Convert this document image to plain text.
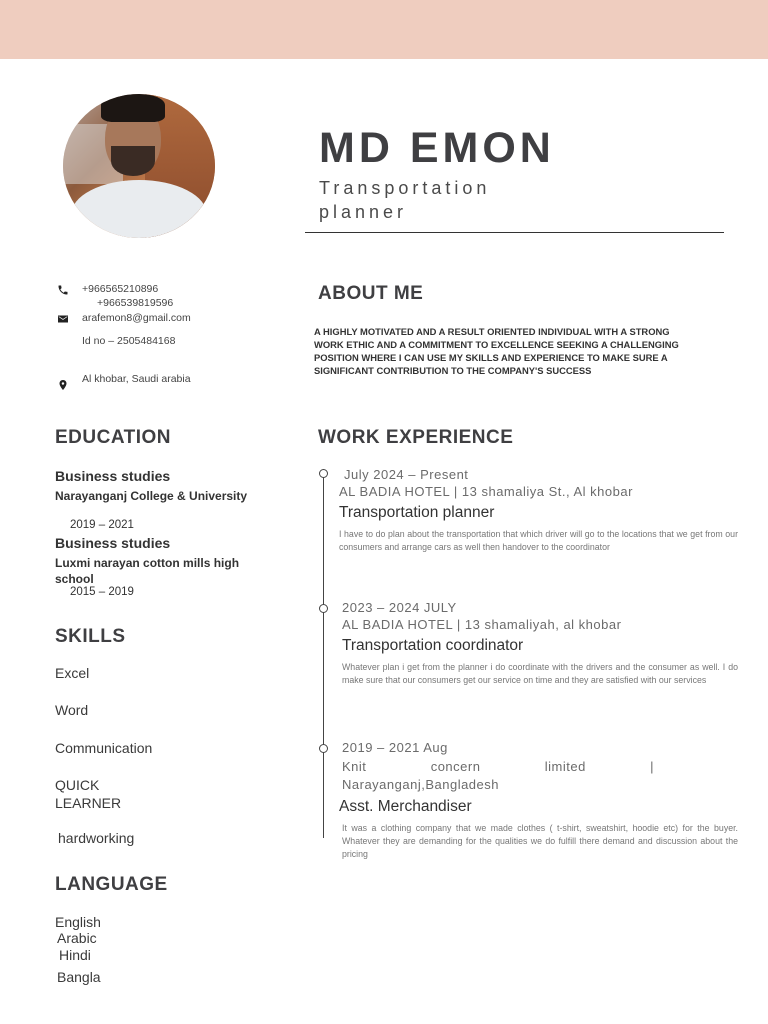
MD EMON
Transportation planner
+966565210896
+966539819596
arafemon8@gmail.com
Id no – 2505484168
Al khobar, Saudi arabia
ABOUT ME
A HIGHLY MOTIVATED AND A RESULT ORIENTED INDIVIDUAL WITH A STRONG WORK ETHIC AND A COMMITMENT TO EXCELLENCE SEEKING A CHALLENGING POSITION WHERE I CAN USE MY SKILLS AND EXPERIENCE TO MAKE SURE A SIGNIFICANT CONTRIBUTION TO THE COMPANY'S SUCCESS
EDUCATION
Business studies
Narayanganj College & University
2019 – 2021
Business studies
Luxmi narayan cotton mills high school
2015 – 2019
SKILLS
Excel
Word
Communication
QUICK LEARNER
hardworking
LANGUAGE
English
Arabic
Hindi
Bangla
WORK EXPERIENCE
July 2024 – Present
AL BADIA HOTEL | 13 shamaliya St., Al khobar
Transportation planner
I have to do plan about the transportation that which driver will go to the locations that we get from our consumers and arrange cars as well then handover to the coordinator
2023 – 2024 JULY
AL BADIA HOTEL | 13 shamaliyah, al khobar
Transportation coordinator
Whatever plan i get from the planner i do coordinate with the drivers and the consumer as well. I do make sure that our consumers get our service on time and they are satisfied with our services
2019 – 2021 Aug
Knit concern limited |
Narayanganj,Bangladesh
Asst. Merchandiser
It was a clothing company that we made clothes ( t-shirt, sweatshirt, hoodie etc) for the buyer. Whatever they are demanding for the qualities we do fulfill there demand and discussion about the pricing
